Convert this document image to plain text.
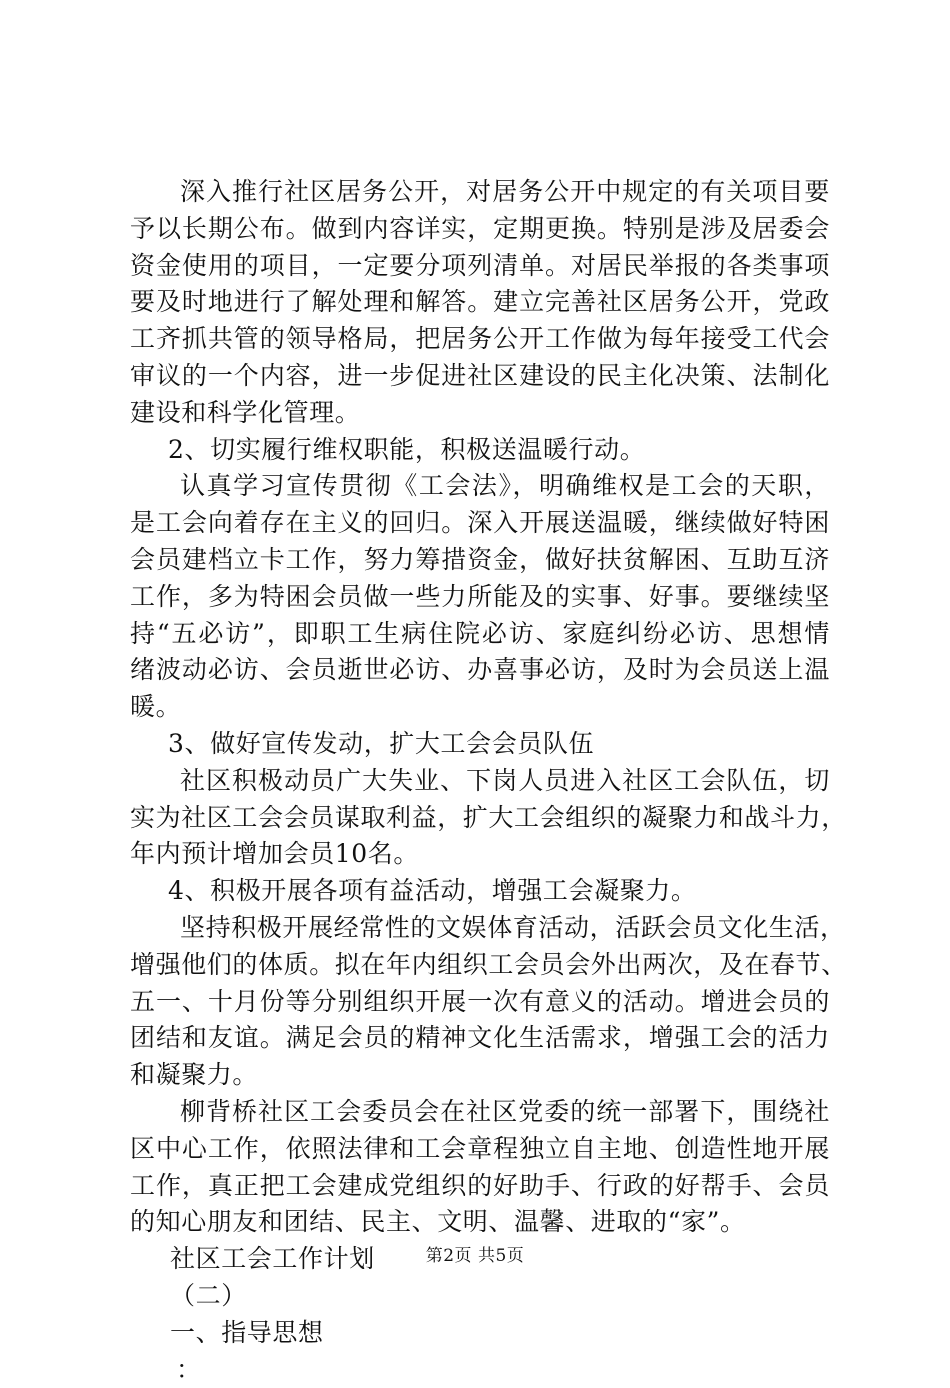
深入推行社区居务公开，对居务公开中规定的有关项目要
予以长期公布。做到内容详实，定期更换。特别是涉及居委会
资金使用的项目，一定要分项列清单。对居民举报的各类事项
要及时地进行了解处理和解答。建立完善社区居务公开，党政
工齐抓共管的领导格局，把居务公开工作做为每年接受工代会
审议的一个内容，进一步促进社区建设的民主化决策、法制化
建设和科学化管理。
2、切实履行维权职能，积极送温暖行动。
认真学习宣传贯彻《工会法》，明确维权是工会的天职，
是工会向着存在主义的回归。深入开展送温暖，继续做好特困
会员建档立卡工作，努力筹措资金，做好扶贫解困、互助互济
工作，多为特困会员做一些力所能及的实事、好事。要继续坚
持“五必访”，即职工生病住院必访、家庭纠纷必访、思想情
绪波动必访、会员逝世必访、办喜事必访，及时为会员送上温
暖。
3、做好宣传发动，扩大工会会员队伍
社区积极动员广大失业、下岗人员进入社区工会队伍，切
实为社区工会会员谋取利益，扩大工会组织的凝聚力和战斗力，
年内预计增加会员10名。
4、积极开展各项有益活动，增强工会凝聚力。
坚持积极开展经常性的文娱体育活动，活跃会员文化生活，
增强他们的体质。拟在年内组织工会员会外出两次，及在春节、
五一、十月份等分别组织开展一次有意义的活动。增进会员的
团结和友谊。满足会员的精神文化生活需求，增强工会的活力
和凝聚力。
柳背桥社区工会委员会在社区党委的统一部署下，围绕社
区中心工作，依照法律和工会章程独立自主地、创造性地开展
工作，真正把工会建成党组织的好助手、行政的好帮手、会员
的知心朋友和团结、民主、文明、温馨、进取的“家”。
社区工会工作计划
（二）
一、指导思想
：
第2页 共5页
